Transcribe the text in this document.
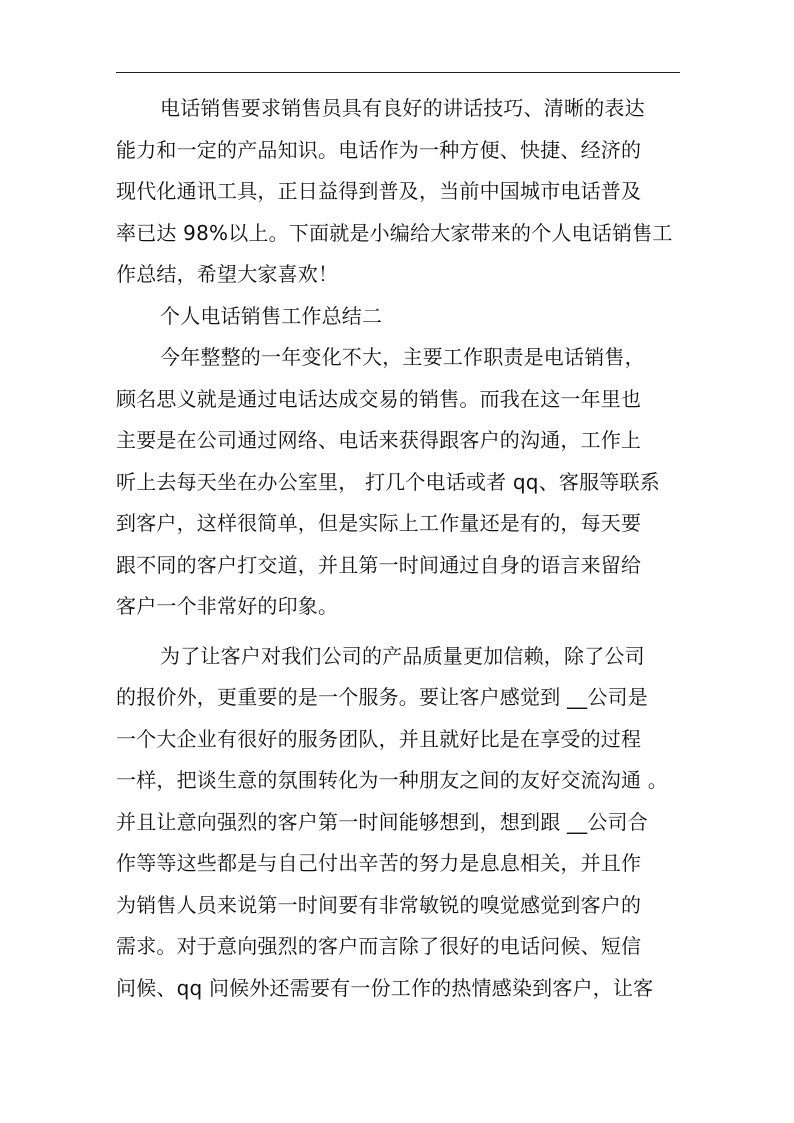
电话销售要求销售员具有良好的讲话技巧、清晰的表达
能力和一定的产品知识。电话作为一种方便、快捷、经济的
现代化通讯工具，正日益得到普及，当前中国城市电话普及
率已达 98%以上。下面就是小编给大家带来的个人电话销售工
作总结，希望大家喜欢！
个人电话销售工作总结二
今年整整的一年变化不大，主要工作职责是电话销售，
顾名思义就是通过电话达成交易的销售。而我在这一年里也
主要是在公司通过网络、电话来获得跟客户的沟通，工作上
听上去每天坐在办公室里， 打几个电话或者 qq、客服等联系
到客户，这样很简单，但是实际上工作量还是有的，每天要
跟不同的客户打交道，并且第一时间通过自身的语言来留给
客户一个非常好的印象。
为了让客户对我们公司的产品质量更加信赖，除了公司
的报价外，更重要的是一个服务。要让客户感觉到 __公司是
一个大企业有很好的服务团队，并且就好比是在享受的过程
一样，把谈生意的氛围转化为一种朋友之间的友好交流沟通 。
并且让意向强烈的客户第一时间能够想到，想到跟 __公司合
作等等这些都是与自己付出辛苦的努力是息息相关，并且作
为销售人员来说第一时间要有非常敏锐的嗅觉感觉到客户的
需求。对于意向强烈的客户而言除了很好的电话问候、短信
问候、qq 问候外还需要有一份工作的热情感染到客户，让客
